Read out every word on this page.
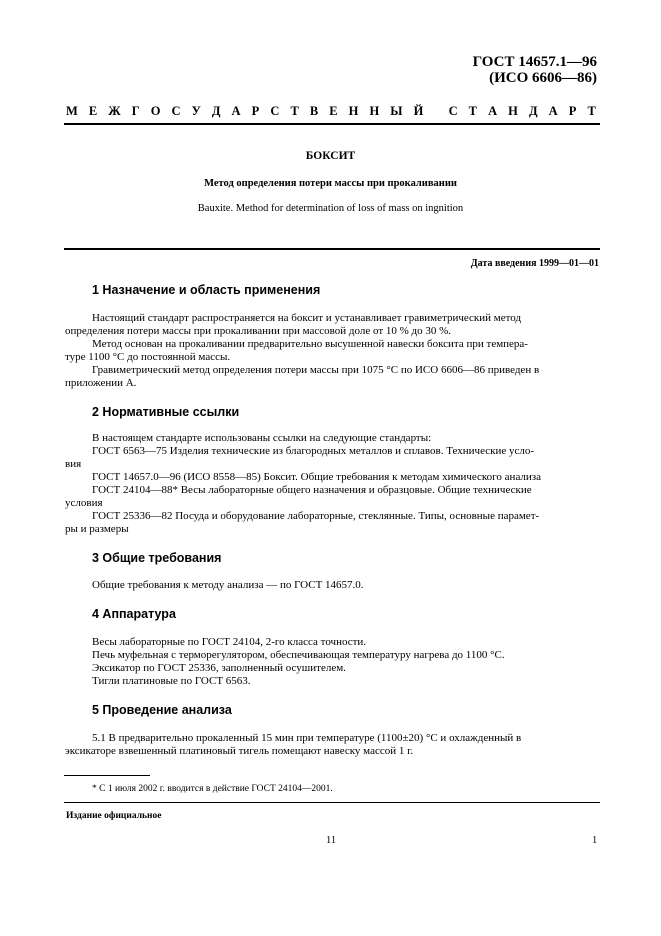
ГОСТ 14657.1—96
(ИСО 6606—86)
М Е Ж Г О С У Д А Р С Т В Е Н Н Ы Й
С Т А Н Д А Р Т
БОКСИТ
Метод определения потери массы при прокаливании
Bauxite. Method for determination of loss of mass on ingnition
Дата введения 1999—01—01
1 Назначение и область применения
Настоящий стандарт распространяется на боксит и устанавливает гравиметрический метод
определения потери массы при прокаливании при массовой доле от 10 % до 30 %.
Метод основан на прокаливании предварительно высушенной навески боксита при темпера-
туре 1100 °С до постоянной массы.
Гравиметрический метод определения потери массы при 1075 °С по ИСО 6606—86 приведен в
приложении А.
2 Нормативные ссылки
В настоящем стандарте использованы ссылки на следующие стандарты:
ГОСТ 6563—75 Изделия технические из благородных металлов и сплавов. Технические усло-
вия
ГОСТ 14657.0—96 (ИСО 8558—85) Боксит. Общие требования к методам химического анализа
ГОСТ 24104—88* Весы лабораторные общего назначения и образцовые. Общие технические
условия
ГОСТ 25336—82 Посуда и оборудование лабораторные, стеклянные. Типы, основные парамет-
ры и размеры
3 Общие требования
Общие требования к методу анализа — по ГОСТ 14657.0.
4 Аппаратура
Весы лабораторные по ГОСТ 24104, 2-го класса точности.
Печь муфельная с терморегулятором, обеспечивающая температуру нагрева до 1100 °С.
Эксикатор по ГОСТ 25336, заполненный осушителем.
Тигли платиновые по ГОСТ 6563.
5 Проведение анализа
5.1 В предварительно прокаленный 15 мин при температуре (1100±20) °С и охлажденный в
эксикаторе взвешенный платиновый тигель помещают навеску массой 1 г.
* С 1 июля 2002 г. вводится в действие ГОСТ 24104—2001.
Издание официальное
11	1
